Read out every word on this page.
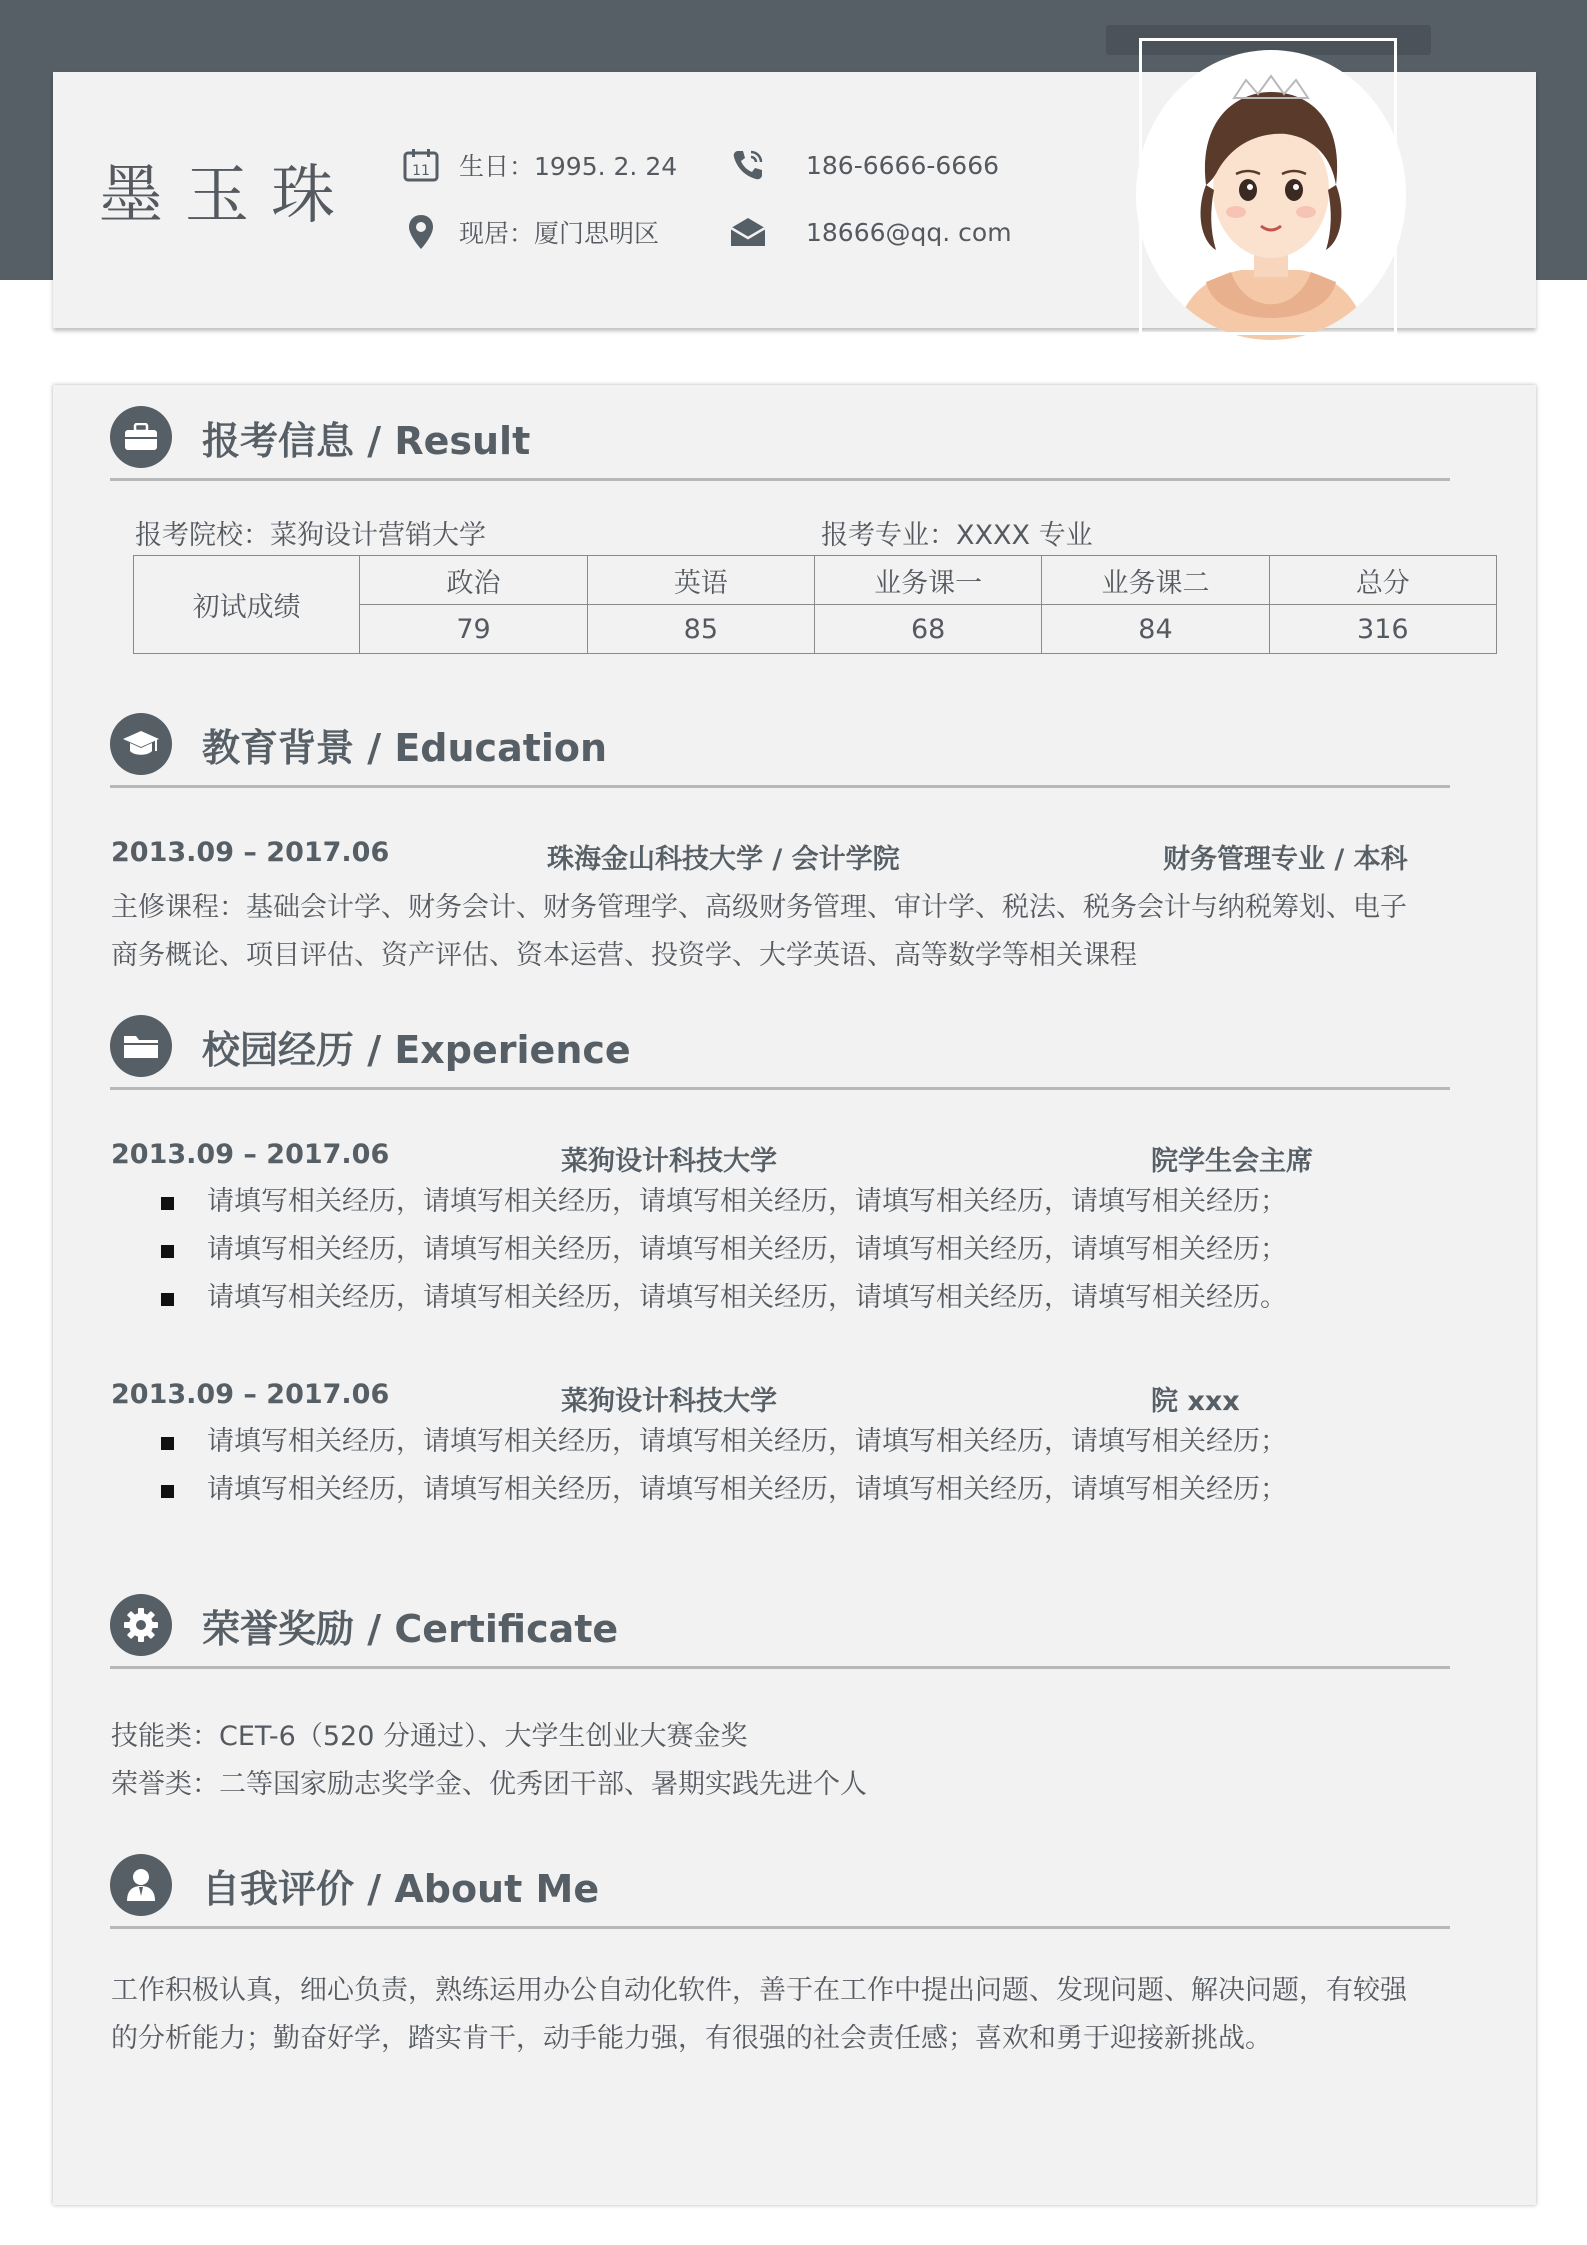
墨玉珠	11 生日：1995. 2. 24
现居：厦门思明区
186-6666-6666
18666@qq. com
报考信息 / Result
报考院校：菜狗设计营销大学	报考专业：XXXX 专业
初试成绩	政治	英语	业务课一	业务课二	总分
	79	85	68	84	316
教育背景 / Education
2013.09 – 2017.06	珠海金山科技大学 / 会计学院	财务管理专业 / 本科
主修课程：基础会计学、财务会计、财务管理学、高级财务管理、审计学、税法、税务会计与纳税筹划、电子
商务概论、项目评估、资产评估、资本运营、投资学、大学英语、高等数学等相关课程
校园经历 / Experience
2013.09 – 2017.06	菜狗设计科技大学	院学生会主席
请填写相关经历，请填写相关经历，请填写相关经历，请填写相关经历，请填写相关经历；
请填写相关经历，请填写相关经历，请填写相关经历，请填写相关经历，请填写相关经历；
请填写相关经历，请填写相关经历，请填写相关经历，请填写相关经历，请填写相关经历。
2013.09 – 2017.06	菜狗设计科技大学	院 xxx
请填写相关经历，请填写相关经历，请填写相关经历，请填写相关经历，请填写相关经历；
请填写相关经历，请填写相关经历，请填写相关经历，请填写相关经历，请填写相关经历；
荣誉奖励 / Certificate
技能类：CET-6（520 分通过）、大学生创业大赛金奖
荣誉类：二等国家励志奖学金、优秀团干部、暑期实践先进个人
自我评价 / About Me
工作积极认真，细心负责，熟练运用办公自动化软件，善于在工作中提出问题、发现问题、解决问题，有较强
的分析能力；勤奋好学，踏实肯干，动手能力强，有很强的社会责任感；喜欢和勇于迎接新挑战。
